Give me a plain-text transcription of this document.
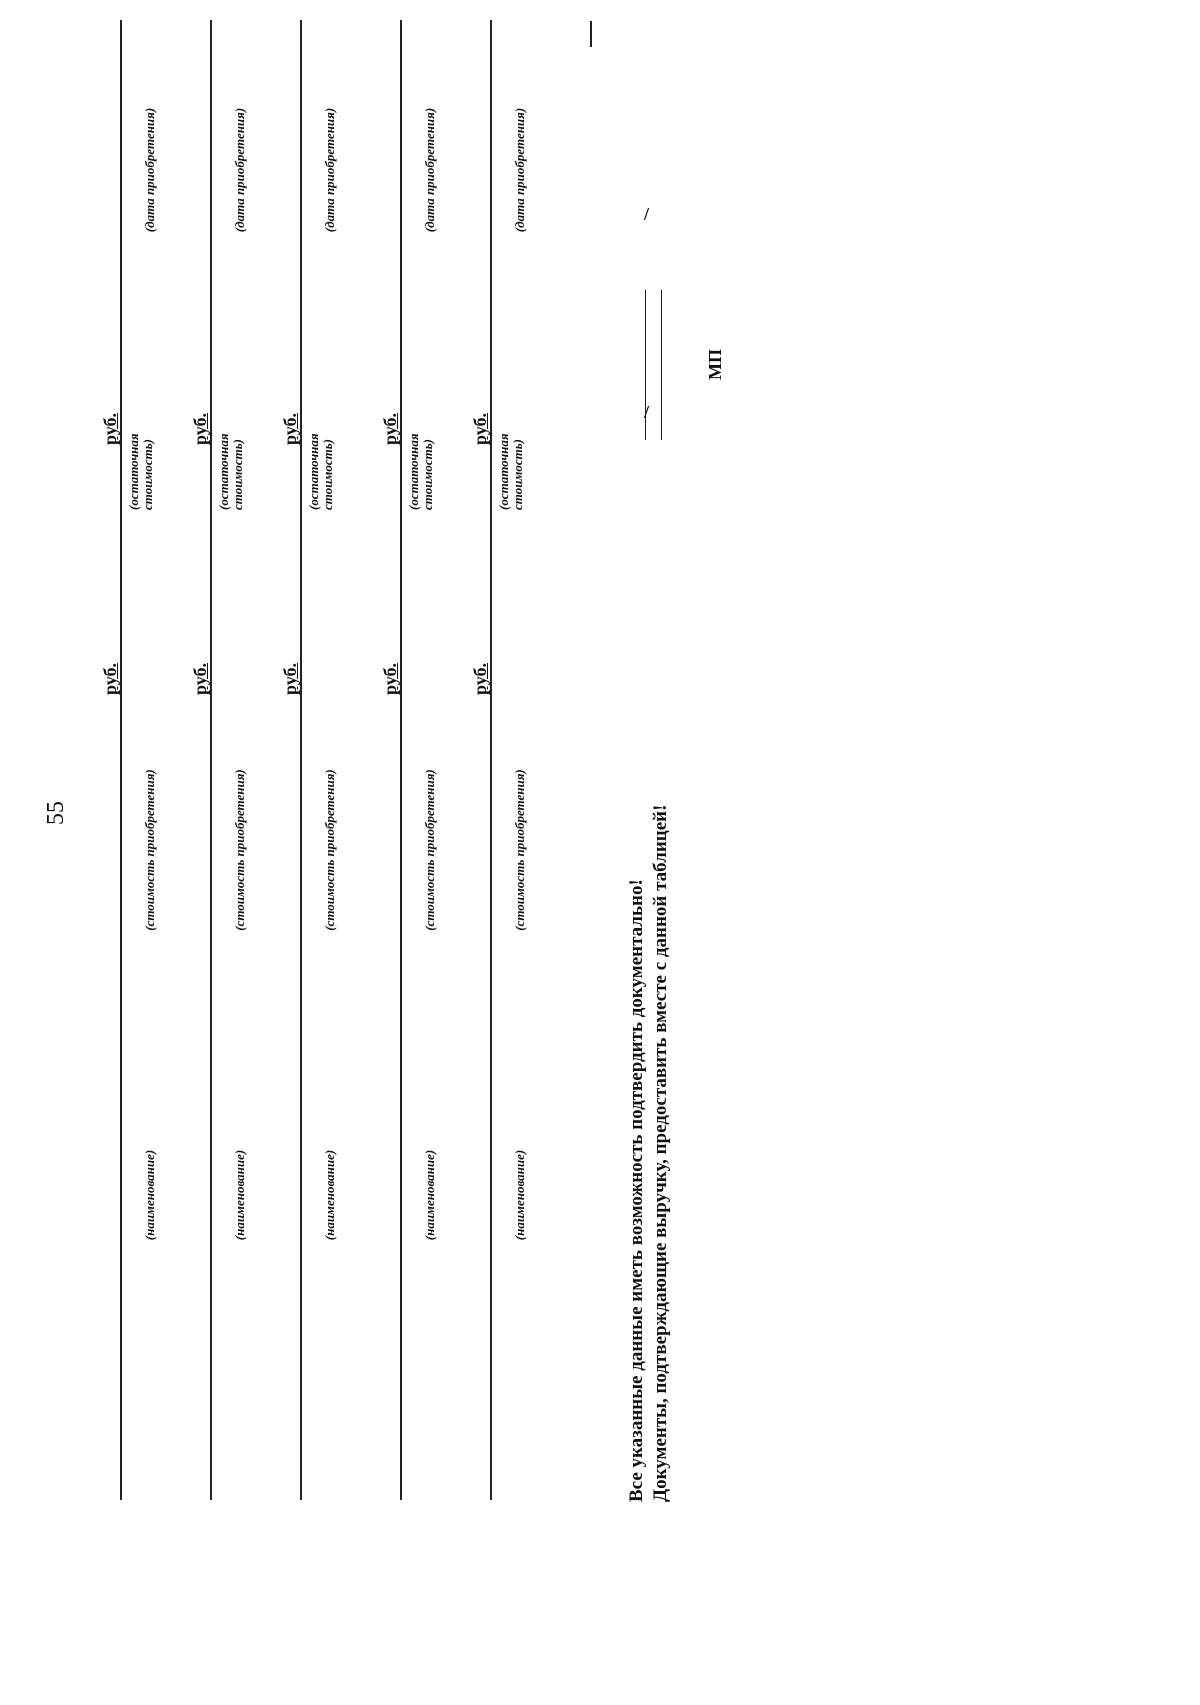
55
(наименование)
(стоимость приобретения)
руб.
руб.
(остаточная
стоимость)
(дата приобретения)
(наименование)
(стоимость приобретения)
руб.
руб.
(остаточная
стоимость)
(дата приобретения)
(наименование)
(стоимость приобретения)
руб.
руб.
(остаточная
стоимость)
(дата приобретения)
(наименование)
(стоимость приобретения)
руб.
руб.
(остаточная
стоимость)
(дата приобретения)
(наименование)
(стоимость приобретения)
руб.
руб.
(остаточная
стоимость)
(дата приобретения)
Все указанные данные иметь возможность подтвердить документально! Документы, подтверждающие выручку, предоставить вместе с данной таблицей!
/
/
МП
